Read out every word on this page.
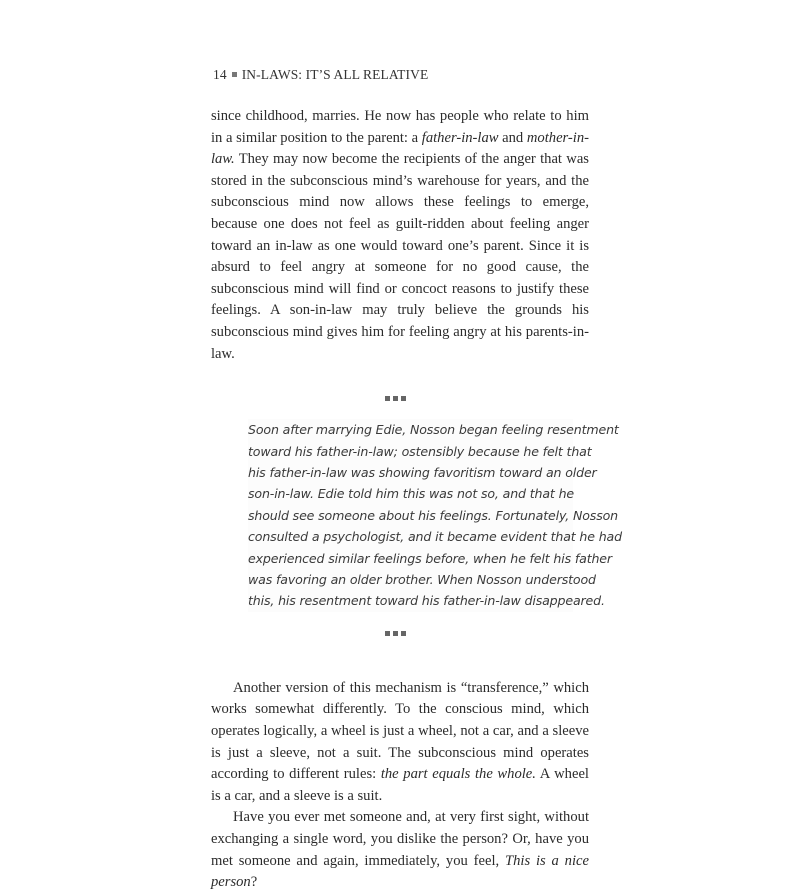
14 IN-LAWS: IT’S ALL RELATIVE

since childhood, marries. He now has people who relate to him in a similar position to the parent: a father-in-law and mother-in-law. They may now become the recipients of the anger that was stored in the subconscious mind’s warehouse for years, and the subconscious mind now allows these feelings to emerge, because one does not feel as guilt-ridden about feeling anger toward an in-law as one would toward one’s parent. Since it is absurd to feel angry at someone for no good cause, the subconscious mind will find or concoct reasons to justify these feelings. A son-in-law may truly believe the grounds his subconscious mind gives him for feeling angry at his parents-in-law.

Soon after marrying Edie, Nosson began feeling resentment
toward his father-in-law; ostensibly because he felt that
his father-in-law was showing favoritism toward an older
son-in-law. Edie told him this was not so, and that he
should see someone about his feelings. Fortunately, Nosson
consulted a psychologist, and it became evident that he had
experienced similar feelings before, when he felt his father
was favoring an older brother. When Nosson understood
this, his resentment toward his father-in-law disappeared.

Another version of this mechanism is “transference,” which works somewhat differently. To the conscious mind, which operates logically, a wheel is just a wheel, not a car, and a sleeve is just a sleeve, not a suit. The subconscious mind operates according to different rules: the part equals the whole. A wheel is a car, and a sleeve is a suit.

Have you ever met someone and, at very first sight, without exchanging a single word, you dislike the person? Or, have you met someone and again, immediately, you feel, This is a nice person?
